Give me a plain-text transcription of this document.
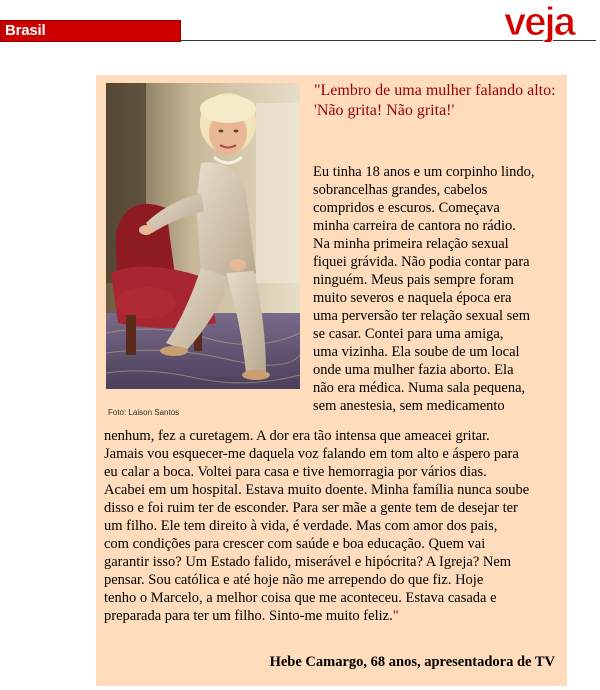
Brasil	veja
Foto: Laison Santos
"Lembro de uma mulher falando alto: 'Não grita! Não grita!'
Eu tinha 18 anos e um corpinho lindo,
sobrancelhas grandes, cabelos
compridos e escuros. Começava
minha carreira de cantora no rádio.
Na minha primeira relação sexual
fiquei grávida. Não podia contar para
ninguém. Meus pais sempre foram
muito severos e naquela época era
uma perversão ter relação sexual sem
se casar. Contei para uma amiga,
uma vizinha. Ela soube de um local
onde uma mulher fazia aborto. Ela
não era médica. Numa sala pequena,
sem anestesia, sem medicamento
nenhum, fez a curetagem. A dor era tão intensa que ameacei gritar.
Jamais vou esquecer-me daquela voz falando em tom alto e áspero para
eu calar a boca. Voltei para casa e tive hemorragia por vários dias.
Acabei em um hospital. Estava muito doente. Minha família nunca soube
disso e foi ruim ter de esconder. Para ser mãe a gente tem de desejar ter
um filho. Ele tem direito à vida, é verdade. Mas com amor dos pais,
com condições para crescer com saúde e boa educação. Quem vai
garantir isso? Um Estado falido, miserável e hipócrita? A Igreja? Nem
pensar. Sou católica e até hoje não me arrependo do que fiz. Hoje
tenho o Marcelo, a melhor coisa que me aconteceu. Estava casada e
preparada para ter um filho. Sinto-me muito feliz."
Hebe Camargo, 68 anos, apresentadora de TV
